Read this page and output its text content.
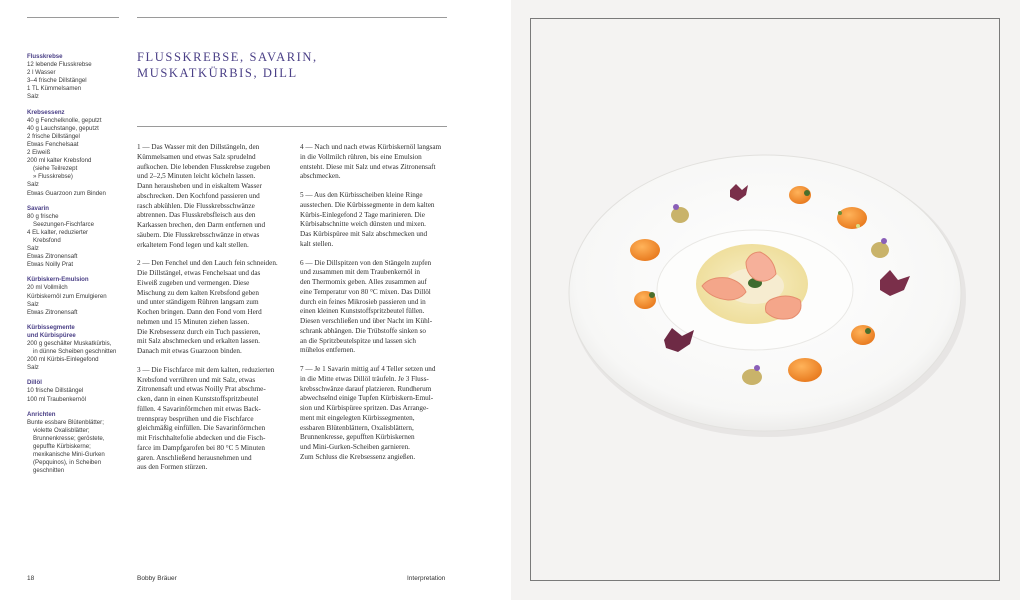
Flusskrebse
12 lebende Flusskrebse
2 l Wasser
3–4 frische Dillstängel
1 TL Kümmelsamen
Salz
Krebsessenz
40 g Fenchelknolle, geputzt
40 g Lauchstange, geputzt
2 frische Dillstängel
Etwas Fenchelsaat
2 Eiweiß
200 ml kalter Krebsfond
(siehe Teilrezept
» Flusskrebse)
Salz
Etwas Guarzoon zum Binden
Savarin
80 g frische
Seezungen-Fischfarce
4 EL kalter, reduzierter
Krebsfond
Salz
Etwas Zitronensaft
Etwas Noilly Prat
Kürbiskern-Emulsion
20 ml Vollmilch
Kürbiskernöl zum Emulgieren
Salz
Etwas Zitronensaft
Kürbissegmente
und Kürbispüree
200 g geschälter Muskatkürbis,
in dünne Scheiben geschnitten
200 ml Kürbis-Einlegefond
Salz
Dillöl
10 frische Dillstängel
100 ml Traubenkernöl
Anrichten
Bunte essbare Blütenblätter;
violette Oxalisblätter;
Brunnenkresse; geröstete,
gepuffte Kürbiskerne;
mexikanische Mini-Gurken
(Pepquinos), in Scheiben
geschnitten
FLUSSKREBSE, SAVARIN,
MUSKATKÜRBIS, DILL

1 — Das Wasser mit den Dillstängeln, den
Kümmelsamen und etwas Salz sprudelnd
aufkochen. Die lebenden Flusskrebse zugeben
und 2–2,5 Minuten leicht köcheln lassen.
Dann herausheben und in eiskaltem Wasser
abschrecken. Den Kochfond passieren und
rasch abkühlen. Die Flusskrebsschwänze
abtrennen. Das Flusskrebsfleisch aus den
Karkassen brechen, den Darm entfernen und
säubern. Die Flusskrebsschwänze in etwas
erkaltetem Fond legen und kalt stellen.

2 — Den Fenchel und den Lauch fein schneiden.
Die Dillstängel, etwas Fenchelsaat und das
Eiweiß zugeben und vermengen. Diese
Mischung zu dem kalten Krebsfond geben
und unter ständigem Rühren langsam zum
Kochen bringen. Dann den Fond vom Herd
nehmen und 15 Minuten ziehen lassen.
Die Krebsessenz durch ein Tuch passieren,
mit Salz abschmecken und erkalten lassen.
Danach mit etwas Guarzoon binden.

3 — Die Fischfarce mit dem kalten, reduzierten
Krebsfond verrühren und mit Salz, etwas
Zitronensaft und etwas Noilly Prat abschme-
cken, dann in einen Kunststoffspritzbeutel
füllen. 4 Savarinförmchen mit etwas Back-
trennspray besprühen und die Fischfarce
gleichmäßig einfüllen. Die Savarinförmchen
mit Frischhaltefolie abdecken und die Fisch-
farce im Dampfgarofen bei 80 °C 5 Minuten
garen. Anschließend herausnehmen und
aus den Formen stürzen.

4 — Nach und nach etwas Kürbiskernöl langsam
in die Vollmilch rühren, bis eine Emulsion
entsteht. Diese mit Salz und etwas Zitronensaft
abschmecken.

5 — Aus den Kürbisscheiben kleine Ringe
ausstechen. Die Kürbissegmente in dem kalten
Kürbis-Einlegefond 2 Tage marinieren. Die
Kürbisabschnitte weich dünsten und mixen.
Das Kürbispüree mit Salz abschmecken und
kalt stellen.

6 — Die Dillspitzen von den Stängeln zupfen
und zusammen mit dem Traubenkernöl in
den Thermomix geben. Alles zusammen auf
eine Temperatur von 80 °C mixen. Das Dillöl
durch ein feines Mikrosieb passieren und in
einen kleinen Kunststoffspritzbeutel füllen.
Diesen verschließen und über Nacht im Kühl-
schrank abhängen. Die Trübstoffe sinken so
an die Spritzbeutelspitze und lassen sich
mühelos entfernen.

7 — Je 1 Savarin mittig auf 4 Teller setzen und
in die Mitte etwas Dillöl träufeln. Je 3 Fluss-
krebsschwänze darauf platzieren. Rundherum
abwechselnd einige Tupfen Kürbiskern-Emul-
sion und Kürbispüree spritzen. Das Arrange-
ment mit eingelegten Kürbissegmenten,
essbaren Blütenblättern, Oxalisblättern,
Brunnenkresse, gepufften Kürbiskernen
und Mini-Gurken-Scheiben garnieren.
Zum Schluss die Krebsessenz angießen.

18	Bobby Bräuer	Interpretation
